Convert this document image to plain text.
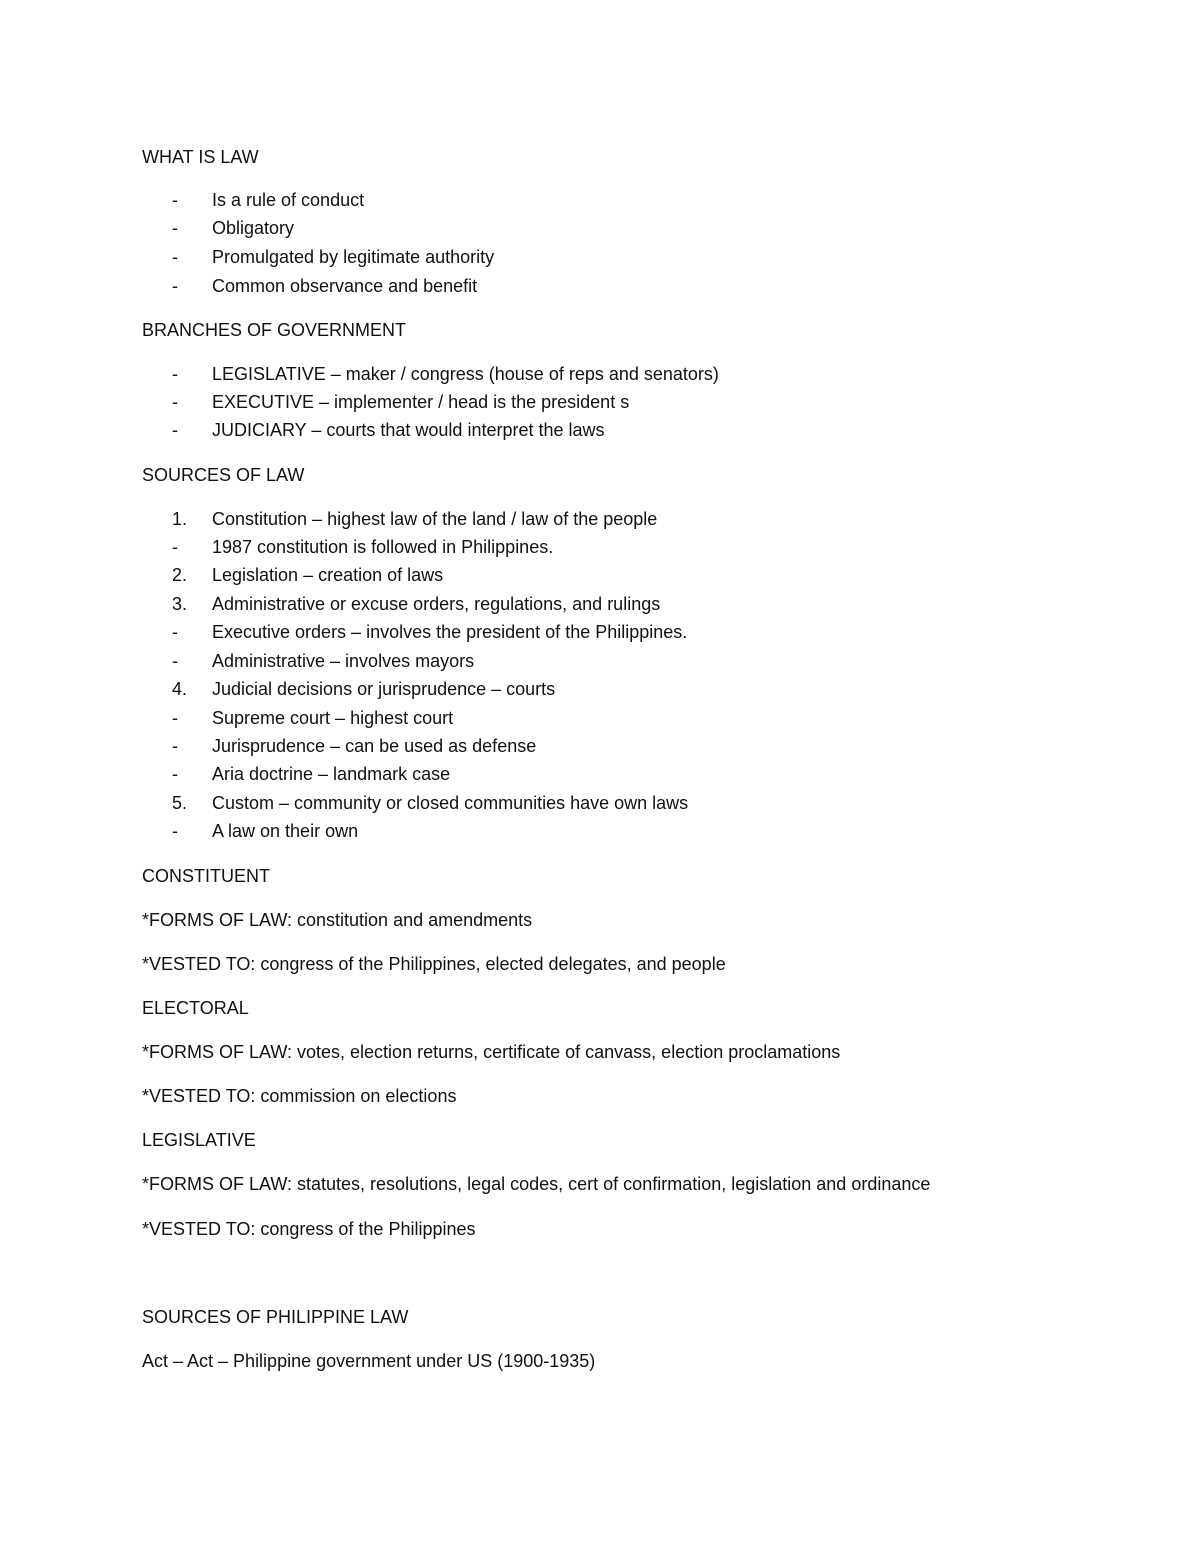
WHAT IS LAW
- Is a rule of conduct
- Obligatory
- Promulgated by legitimate authority
- Common observance and benefit
BRANCHES OF GOVERNMENT
- LEGISLATIVE – maker / congress (house of reps and senators)
- EXECUTIVE – implementer / head is the president s
- JUDICIARY – courts that would interpret the laws
SOURCES OF LAW
1. Constitution – highest law of the land / law of the people
- 1987 constitution is followed in Philippines.
2. Legislation – creation of laws
3. Administrative or excuse orders, regulations, and rulings
- Executive orders – involves the president of the Philippines.
- Administrative – involves mayors
4. Judicial decisions or jurisprudence – courts
- Supreme court – highest court
- Jurisprudence – can be used as defense
- Aria doctrine – landmark case
5. Custom – community or closed communities have own laws
- A law on their own
CONSTITUENT
*FORMS OF LAW: constitution and amendments
*VESTED TO: congress of the Philippines, elected delegates, and people
ELECTORAL
*FORMS OF LAW: votes, election returns, certificate of canvass, election proclamations
*VESTED TO: commission on elections
LEGISLATIVE
*FORMS OF LAW: statutes, resolutions, legal codes, cert of confirmation, legislation and ordinance
*VESTED TO: congress of the Philippines
SOURCES OF PHILIPPINE LAW
Act – Act – Philippine government under US (1900-1935)
